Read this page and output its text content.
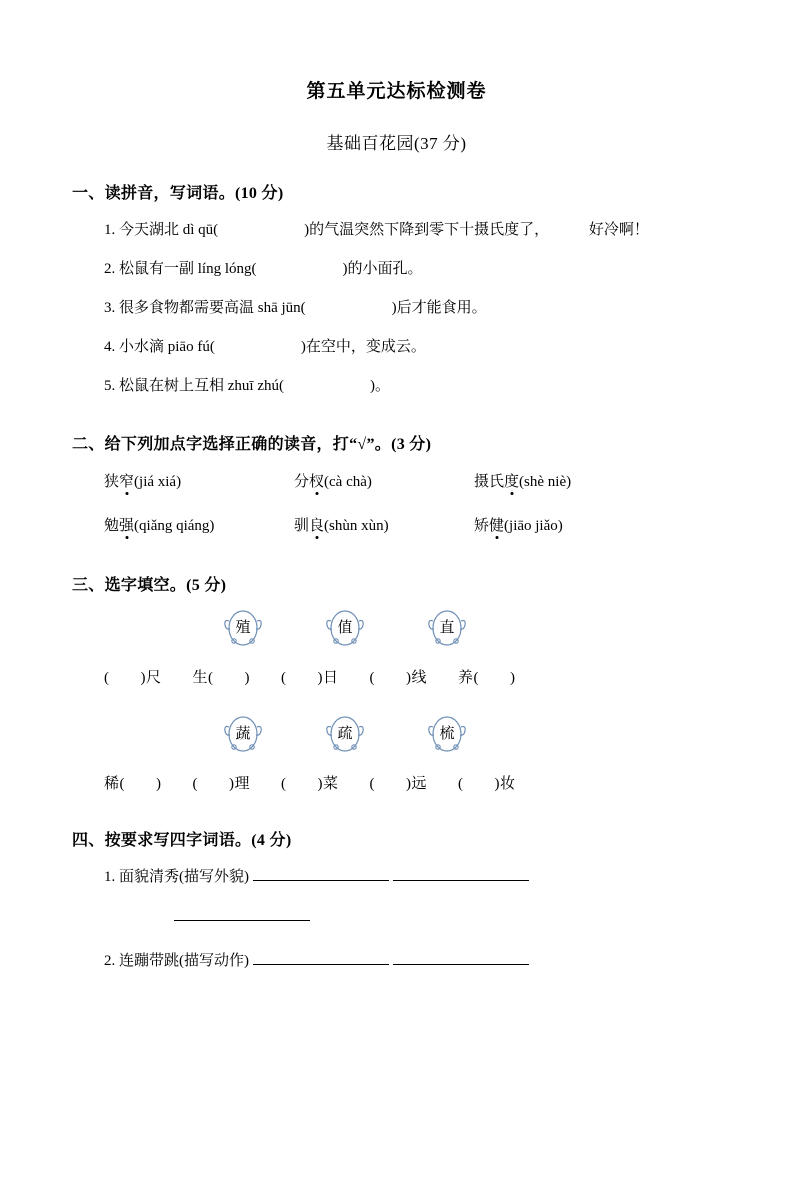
第五单元达标检测卷
基础百花园(37 分)
一、读拼音，写词语。(10 分)
1. 今天湖北 dì qū(	)的气温突然下降到零下十摄氏度了，	好冷啊！
2. 松鼠有一副 líng lóng(	)的小面孔。
3. 很多食物都需要高温 shā jūn(	)后才能食用。
4. 小水滴 piāo fú(	)在空中，变成云。
5. 松鼠在树上互相 zhuī zhú(	)。
二、给下列加点字选择正确的读音，打“√”。(3 分)
狭窄(jiá xiá)	分杈(cà chà)	摄氏度(shè niè)
勉强(qiǎng qiáng)	驯良(shùn xùn)	矫健(jiāo jiǎo)
三、选字填空。(5 分)
殖	值	直
(　　)尺　　生(　　)　　(　　)日　　(　　)线　　养(　　)
蔬	疏	梳
稀(　　)　　(　　)理　　(　　)菜　　(　　)远　　(　　)妆
四、按要求写四字词语。(4 分)
1. 面貌清秀(描写外貌)
2. 连蹦带跳(描写动作)
